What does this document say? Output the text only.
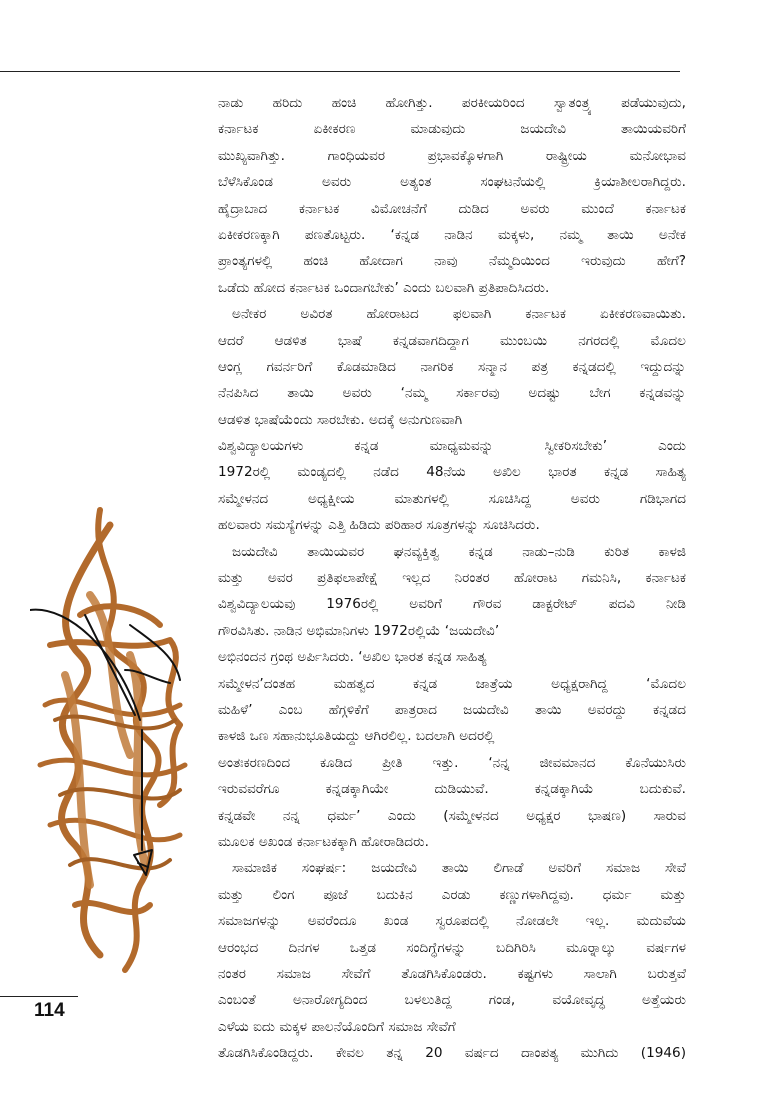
ನಾಡು ಹರಿದು ಹಂಚಿ ಹೋಗಿತ್ತು. ಪರಕೀಯರಿಂದ ಸ್ವಾತಂತ್ರ್ಯ ಪಡೆಯುವುದು,
ಕರ್ನಾಟಕ ಏಕೀಕರಣ ಮಾಡುವುದು ಜಯದೇವಿ ತಾಯಿಯವರಿಗೆ
ಮುಖ್ಯವಾಗಿತ್ತು. ಗಾಂಧಿಯವರ ಪ್ರಭಾವಕ್ಕೊಳಗಾಗಿ ರಾಷ್ಟ್ರೀಯ ಮನೋಭಾವ
ಬೆಳೆಸಿಕೊಂಡ ಅವರು ಅತ್ಯಂತ ಸಂಘಟನೆಯಲ್ಲಿ ಕ್ರಿಯಾಶೀಲರಾಗಿದ್ದರು.
ಹೈದ್ರಾಬಾದ ಕರ್ನಾಟಕ ವಿಮೋಚನೆಗೆ ದುಡಿದ ಅವರು ಮುಂದೆ ಕರ್ನಾಟಕ
ಏಕೀಕರಣಕ್ಕಾಗಿ ಪಣತೊಟ್ಟರು. ‘ಕನ್ನಡ ನಾಡಿನ ಮಕ್ಕಳು, ನಮ್ಮ ತಾಯಿ ಅನೇಕ
ಪ್ರಾಂತ್ಯಗಳಲ್ಲಿ ಹಂಚಿ ಹೋದಾಗ ನಾವು ನೆಮ್ಮದಿಯಿಂದ ಇರುವುದು ಹೇಗೆ?
ಒಡೆದು ಹೋದ ಕರ್ನಾಟಕ ಒಂದಾಗಬೇಕು’ ಎಂದು ಬಲವಾಗಿ ಪ್ರತಿಪಾದಿಸಿದರು.
ಅನೇಕರ ಅವಿರತ ಹೋರಾಟದ ಫಲವಾಗಿ ಕರ್ನಾಟಕ ಏಕೀಕರಣವಾಯಿತು.
ಆದರೆ ಆಡಳಿತ ಭಾಷೆ ಕನ್ನಡವಾಗದಿದ್ದಾಗ ಮುಂಬಯಿ ನಗರದಲ್ಲಿ ಮೊದಲ
ಆಂಗ್ಲ ಗವರ್ನರಿಗೆ ಕೊಡಮಾಡಿದ ನಾಗರಿಕ ಸನ್ಮಾನ ಪತ್ರ ಕನ್ನಡದಲ್ಲಿ ಇದ್ದುದನ್ನು
ನೆನಪಿಸಿದ ತಾಯಿ ಅವರು ‘ನಮ್ಮ ಸರ್ಕಾರವು ಅದಷ್ಟು ಬೇಗ ಕನ್ನಡವನ್ನು
ಆಡಳಿತ ಭಾಷೆಯೆಂದು ಸಾರಬೇಕು. ಅದಕ್ಕೆ ಅನುಗುಣವಾಗಿ
ವಿಶ್ವವಿದ್ಯಾಲಯಗಳು ಕನ್ನಡ ಮಾಧ್ಯಮವನ್ನು ಸ್ವೀಕರಿಸಬೇಕು’ ಎಂದು
1972ರಲ್ಲಿ ಮಂಡ್ಯದಲ್ಲಿ ನಡೆದ 48ನೆಯ ಅಖಿಲ ಭಾರತ ಕನ್ನಡ ಸಾಹಿತ್ಯ
ಸಮ್ಮೇಳನದ ಅಧ್ಯಕ್ಷೀಯ ಮಾತುಗಳಲ್ಲಿ ಸೂಚಿಸಿದ್ದ ಅವರು ಗಡಿಭಾಗದ
ಹಲವಾರು ಸಮಸ್ಯೆಗಳನ್ನು ಎತ್ತಿ ಹಿಡಿದು ಪರಿಹಾರ ಸೂತ್ರಗಳನ್ನು ಸೂಚಿಸಿದರು.
ಜಯದೇವಿ ತಾಯಿಯವರ ಘನವ್ಯಕ್ತಿತ್ವ ಕನ್ನಡ ನಾಡು–ನುಡಿ ಕುರಿತ ಕಾಳಜಿ
ಮತ್ತು ಅವರ ಪ್ರತಿಫಲಾಪೇಕ್ಷೆ ಇಲ್ಲದ ನಿರಂತರ ಹೋರಾಟ ಗಮನಿಸಿ, ಕರ್ನಾಟಕ
ವಿಶ್ವವಿದ್ಯಾಲಯವು 1976ರಲ್ಲಿ ಅವರಿಗೆ ಗೌರವ ಡಾಕ್ಟರೇಟ್ ಪದವಿ ನೀಡಿ
ಗೌರವಿಸಿತು. ನಾಡಿನ ಅಭಿಮಾನಿಗಳು 1972ರಲ್ಲಿಯೆ ‘ಜಯದೇವಿ’
ಅಭಿನಂದನ ಗ್ರಂಥ ಅರ್ಪಿಸಿದರು. ‘ಅಖಿಲ ಭಾರತ ಕನ್ನಡ ಸಾಹಿತ್ಯ
ಸಮ್ಮೇಳನ’ದಂತಹ ಮಹತ್ವದ ಕನ್ನಡ ಜಾತ್ರೆಯ ಅಧ್ಯಕ್ಷರಾಗಿದ್ದ ‘ಮೊದಲ
ಮಹಿಳೆ’ ಎಂಬ ಹೆಗ್ಗಳಿಕೆಗೆ ಪಾತ್ರರಾದ ಜಯದೇವಿ ತಾಯಿ ಅವರದ್ದು ಕನ್ನಡದ
ಕಾಳಜಿ ಒಣ ಸಹಾನುಭೂತಿಯದ್ದು ಆಗಿರಲಿಲ್ಲ. ಬದಲಾಗಿ ಅದರಲ್ಲಿ
ಅಂತಃಕರಣದಿಂದ ಕೂಡಿದ ಪ್ರೀತಿ ಇತ್ತು. ‘ನನ್ನ ಜೀವಮಾನದ ಕೊನೆಯುಸಿರು
ಇರುವವರೆಗೂ ಕನ್ನಡಕ್ಕಾಗಿಯೇ ದುಡಿಯುವೆ. ಕನ್ನಡಕ್ಕಾಗಿಯೆ ಬದುಕುವೆ.
ಕನ್ನಡವೇ ನನ್ನ ಧರ್ಮ’ ಎಂದು (ಸಮ್ಮೇಳನದ ಅಧ್ಯಕ್ಷರ ಭಾಷಣ) ಸಾರುವ
ಮೂಲಕ ಅಖಂಡ ಕರ್ನಾಟಕಕ್ಕಾಗಿ ಹೋರಾಡಿದರು.
ಸಾಮಾಜಿಕ ಸಂಘರ್ಷ: ಜಯದೇವಿ ತಾಯಿ ಲಿಗಾಡೆ ಅವರಿಗೆ ಸಮಾಜ ಸೇವೆ
ಮತ್ತು ಲಿಂಗ ಪೂಜೆ ಬದುಕಿನ ಎರಡು ಕಣ್ಣುಗಳಾಗಿದ್ದವು. ಧರ್ಮ ಮತ್ತು
ಸಮಾಜಗಳನ್ನು ಅವರೆಂದೂ ಖಂಡ ಸ್ವರೂಪದಲ್ಲಿ ನೋಡಲೇ ಇಲ್ಲ. ಮದುವೆಯ
ಆರಂಭದ ದಿನಗಳ ಒತ್ತಡ ಸಂದಿಗ್ಧೆಗಳನ್ನು ಬದಿಗಿರಿಸಿ ಮೂರ್‍ನಾಲ್ಕು ವರ್ಷಗಳ
ನಂತರ ಸಮಾಜ ಸೇವೆಗೆ ತೊಡಗಿಸಿಕೊಂಡರು. ಕಷ್ಟಗಳು ಸಾಲಾಗಿ ಬರುತ್ತವೆ
ಎಂಬಂತೆ ಅನಾರೋಗ್ಯದಿಂದ ಬಳಲುತಿದ್ದ ಗಂಡ, ವಯೋವೃದ್ಧ ಅತ್ತೆಯರು
ಎಳೆಯ ಐದು ಮಕ್ಕಳ ಪಾಲನೆಯೊಂದಿಗೆ ಸಮಾಜ ಸೇವೆಗೆ
ತೊಡಗಿಸಿಕೊಂಡಿದ್ದರು. ಕೇವಲ ತನ್ನ 20 ವರ್ಷದ ದಾಂಪತ್ಯ ಮುಗಿದು (1946)
114
